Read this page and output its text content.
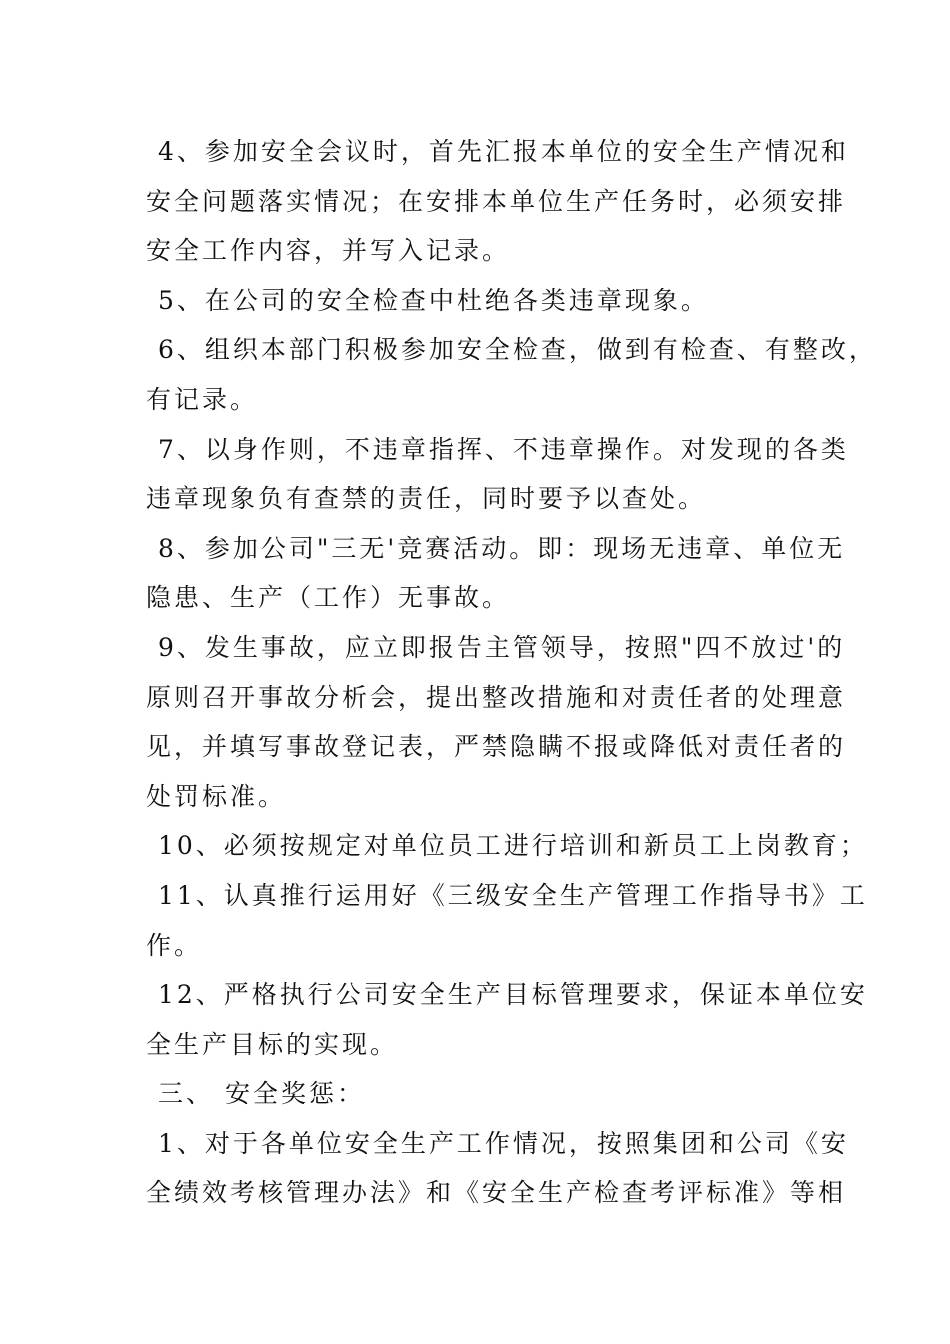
4、参加安全会议时，首先汇报本单位的安全生产情况和
安全问题落实情况；在安排本单位生产任务时，必须安排
安全工作内容，并写入记录。

5、在公司的安全检查中杜绝各类违章现象。

6、组织本部门积极参加安全检查，做到有检查、有整改，
有记录。

7、以身作则，不违章指挥、不违章操作。对发现的各类
违章现象负有查禁的责任，同时要予以查处。

8、参加公司"三无'竞赛活动。即：现场无违章、单位无
隐患、生产（工作）无事故。

9、发生事故，应立即报告主管领导，按照"四不放过'的
原则召开事故分析会，提出整改措施和对责任者的处理意
见，并填写事故登记表，严禁隐瞒不报或降低对责任者的
处罚标准。

10、必须按规定对单位员工进行培训和新员工上岗教育；

11、认真推行运用好《三级安全生产管理工作指导书》工
作。

12、严格执行公司安全生产目标管理要求，保证本单位安
全生产目标的实现。

三、 安全奖惩：

1、对于各单位安全生产工作情况，按照集团和公司《安
全绩效考核管理办法》和《安全生产检查考评标准》等相
